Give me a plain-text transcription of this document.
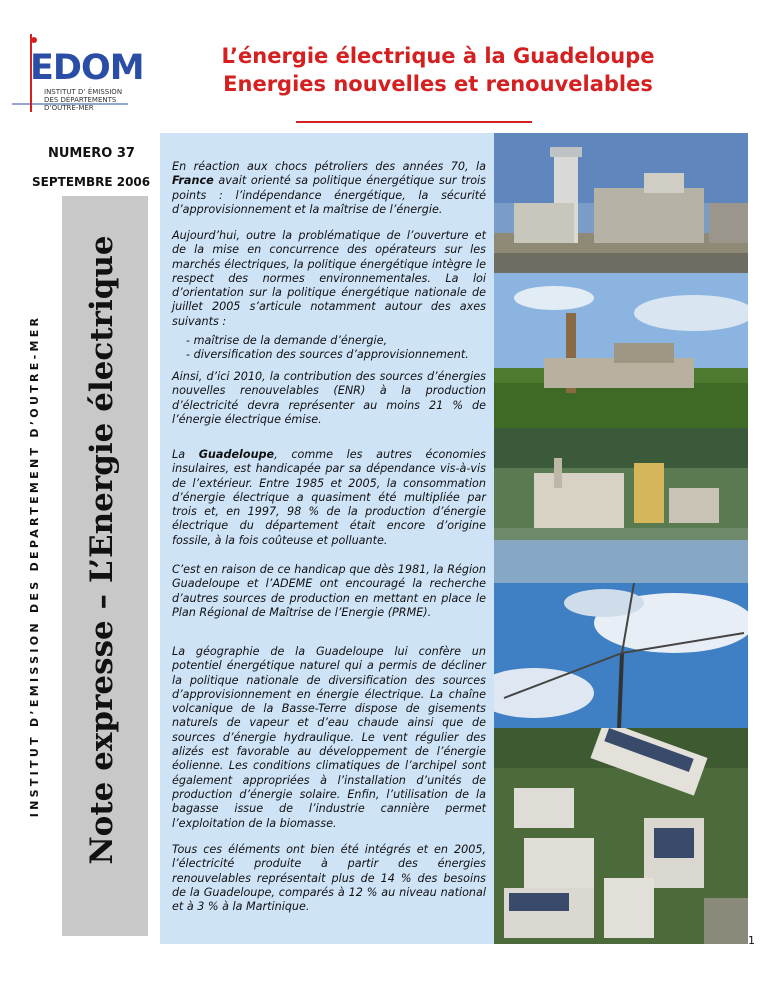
EDOM
INSTITUT D’ ÉMISSION
DES DÉPARTEMENTS
D’OUTRE-MER
L’énergie électrique à la Guadeloupe
Energies nouvelles et renouvelables
NUMERO 37
SEPTEMBRE 2006
INSTITUT D’EMISSION DES DEPARTEMENT D’OUTRE-MER	Note expresse – L’Energie électrique
En réaction aux chocs pétroliers des années 70, la France avait orienté sa politique énergétique sur trois points : l’indépendance énergétique, la sécurité d’approvisionnement et la maîtrise de l’énergie.
Aujourd’hui, outre la problématique de l’ouverture et de la mise en concurrence des opérateurs sur les marchés électriques, la politique énergétique intègre le respect des normes environnementales. La loi d’orientation sur la politique énergétique nationale de juillet 2005 s’articule notamment autour des axes suivants :
- maîtrise de la demande d’énergie,
- diversification des sources d’approvisionnement.
Ainsi, d’ici 2010, la contribution des sources d’énergies nouvelles renouvelables (ENR) à la production d’électricité devra représenter au moins 21 % de l’énergie électrique émise.
La Guadeloupe, comme les autres économies insulaires, est handicapée par sa dépendance vis-à-vis de l’extérieur. Entre 1985 et 2005, la consommation d’énergie électrique a quasiment été multipliée par trois et, en 1997, 98 % de la production d’énergie électrique du département était encore d’origine fossile, à la fois coûteuse et polluante.
C’est en raison de ce handicap que dès 1981, la Région Guadeloupe et l’ADEME ont encouragé la recherche d’autres sources de production en mettant en place le Plan Régional de Maîtrise de l’Energie (PRME).
La géographie de la Guadeloupe lui confère un potentiel énergétique naturel qui a permis de décliner la politique nationale de diversification des sources d’approvisionnement en énergie électrique. La chaîne volcanique de la Basse-Terre dispose de gisements naturels de vapeur et d’eau chaude ainsi que de sources d’énergie hydraulique. Le vent régulier des alizés est favorable au développement de l’énergie éolienne. Les conditions climatiques de l’archipel sont également appropriées à l’installation d’unités de production d’énergie solaire. Enfin, l’utilisation de la bagasse issue de l’industrie cannière permet l’exploitation de la biomasse.
Tous ces éléments ont bien été intégrés et en 2005, l’électricité produite à partir des énergies renouvelables représentait plus de 14 % des besoins de la Guadeloupe, comparés à 12 % au niveau national et à 3 % à la Martinique.
1
